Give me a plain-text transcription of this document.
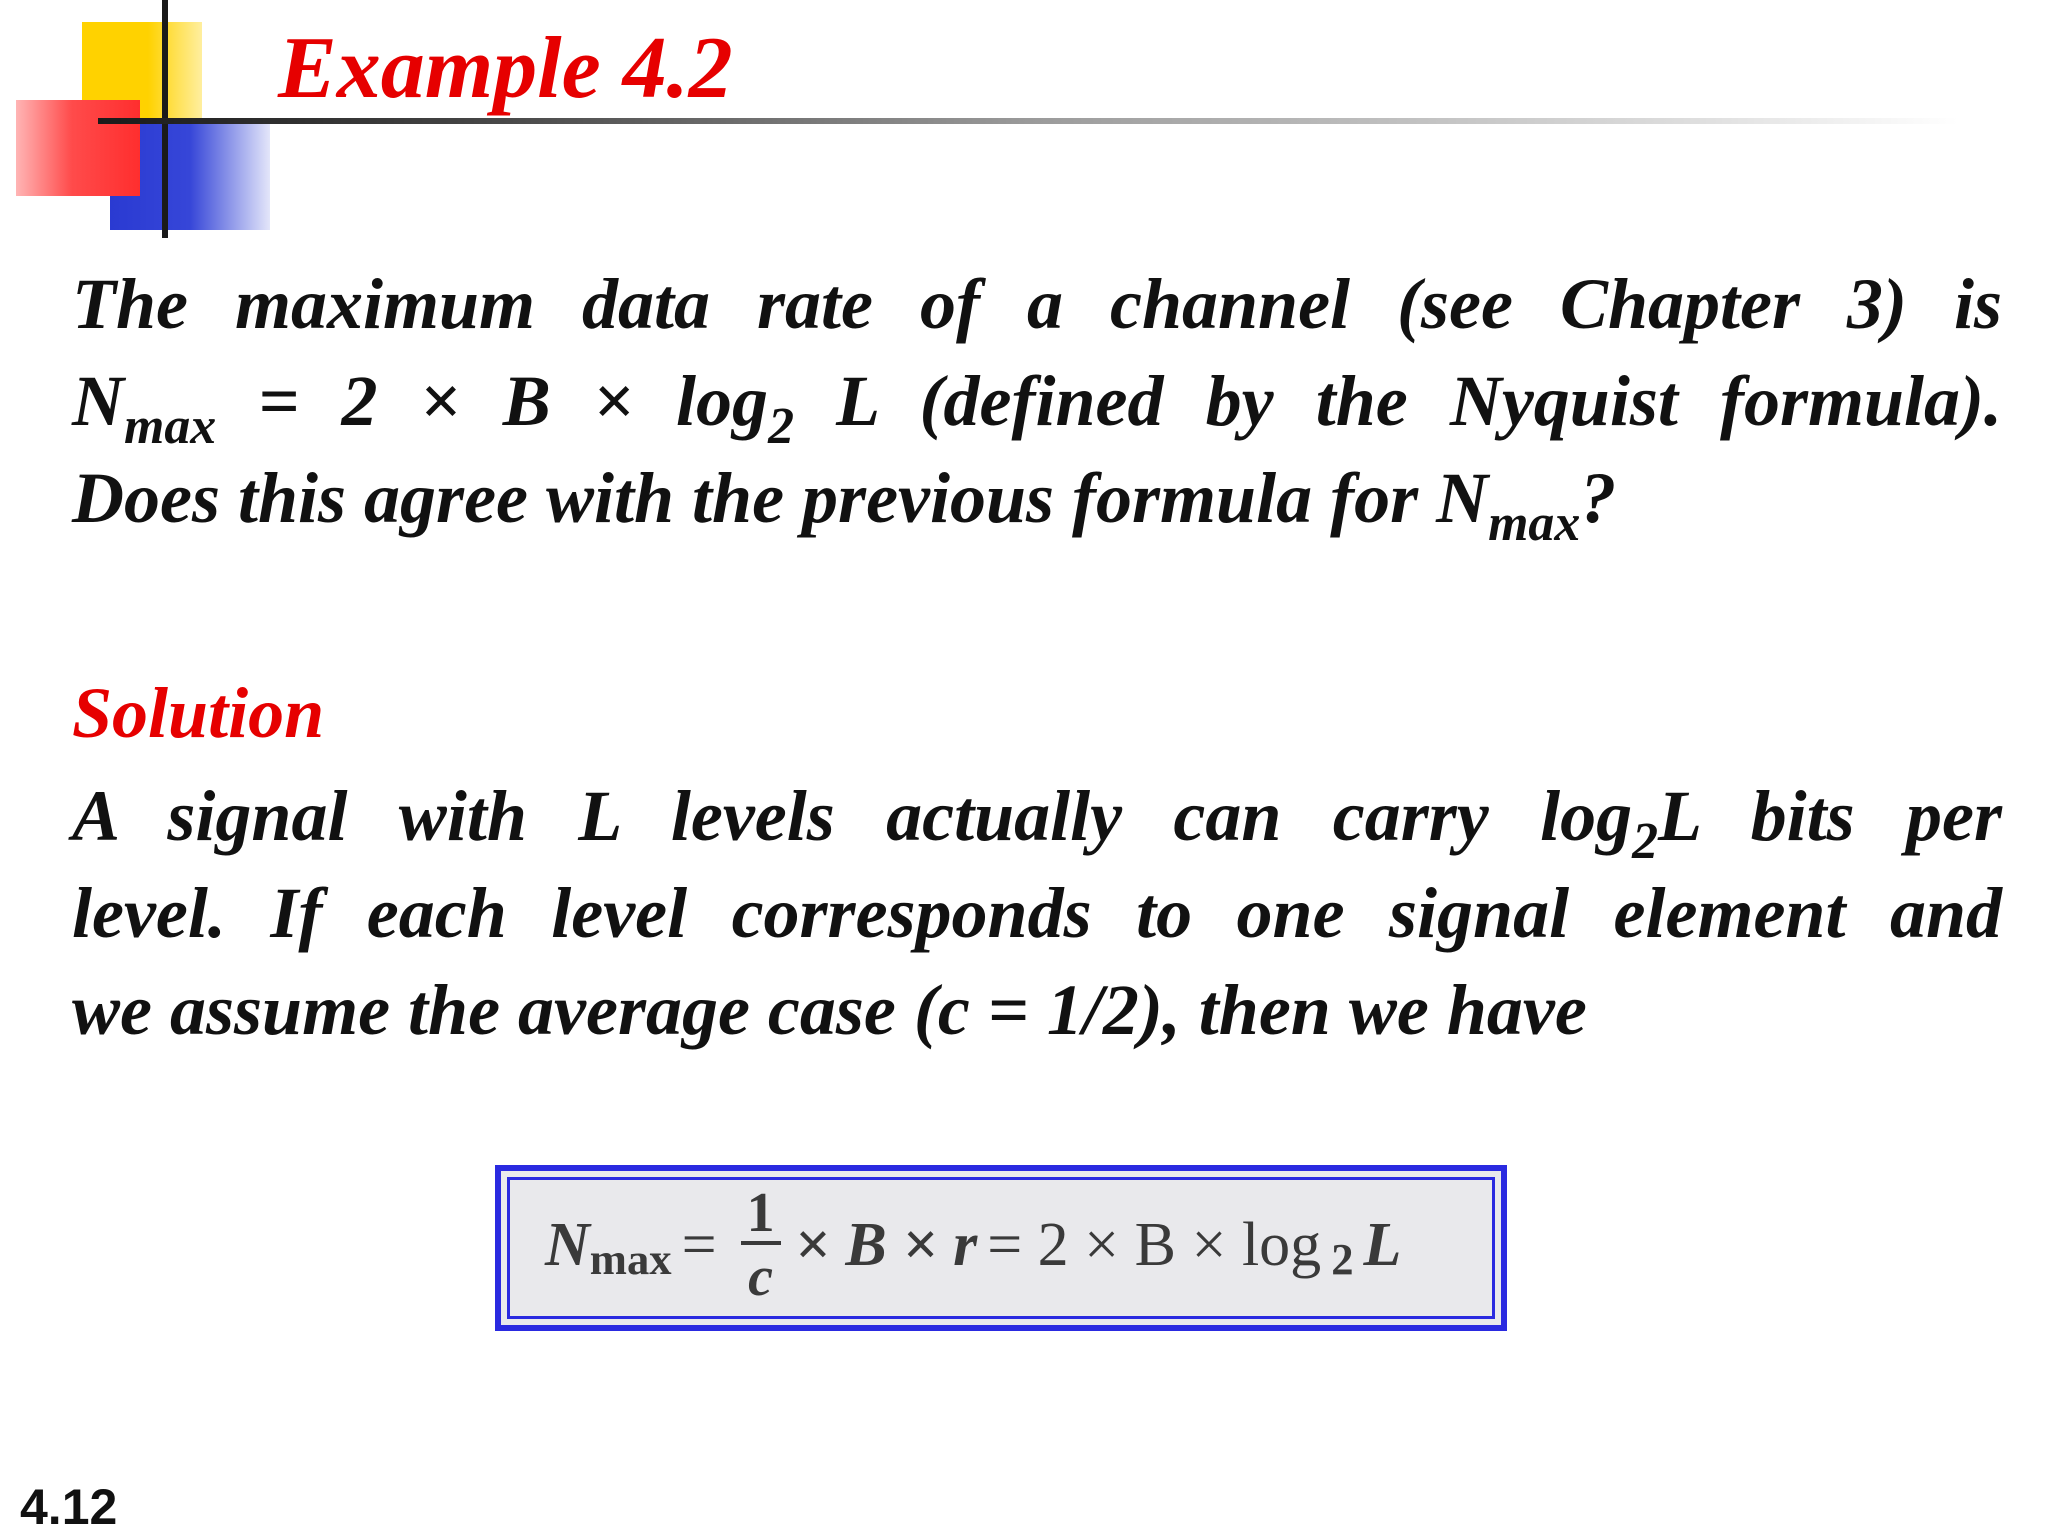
Example 4.2
The maximum data rate of a channel (see Chapter 3) is
$N_{max} = 2 \times B \times \log_2 L$ (defined by the Nyquist formula).
Does this agree with the previous formula for $N_{max}$?
Solution
A signal with L levels actually can carry $\log_2L$ bits per
level. If each level corresponds to one signal element and
we assume the average case (c = 1/2), then we have
N $\max = \frac{1}{c} \times B \times r = 2 \times B \times \log 2$ L
4.12
